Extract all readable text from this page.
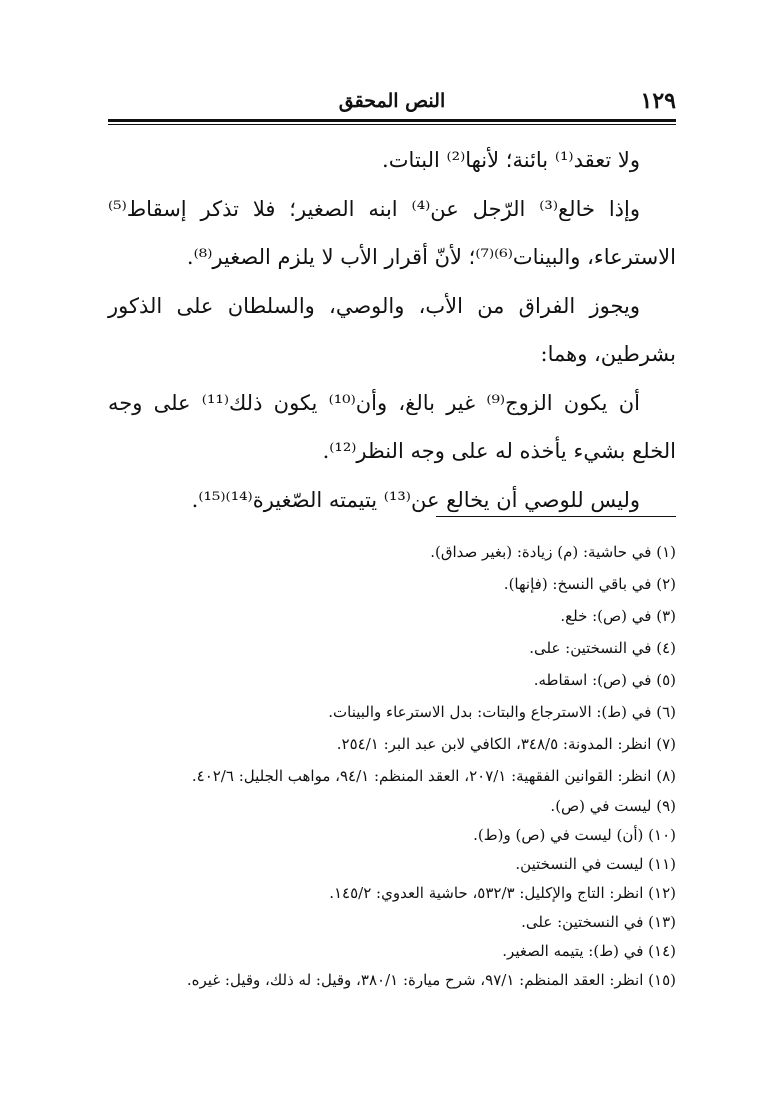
١٢٩
النص المحقق

ولا تعقد⁽¹⁾ بائنة؛ لأنها⁽²⁾ البتات.

وإذا خالع⁽³⁾ الرّجل عن⁽⁴⁾ ابنه الصغير؛ فلا تذكر إسقاط⁽⁵⁾ الاسترعاء، والبينات⁽⁶⁾⁽⁷⁾؛ لأنّ أقرار الأب لا يلزم الصغير⁽⁸⁾.

ويجوز الفراق من الأب، والوصي، والسلطان على الذكور بشرطين، وهما:

أن يكون الزوج⁽⁹⁾ غير بالغ، وأن⁽¹⁰⁾ يكون ذلك⁽¹¹⁾ على وجه الخلع بشيء يأخذه له على وجه النظر⁽¹²⁾.

وليس للوصي أن يخالع عن⁽¹³⁾ يتيمته الصّغيرة⁽¹⁴⁾⁽¹⁵⁾.

(١) في حاشية: (م) زيادة: (بغير صداق).

(٢) في باقي النسخ: (فإنها).

(٣) في (ص): خلع.

(٤) في النسختين: على.

(٥) في (ص): اسقاطه.

(٦) في (ط): الاسترجاع والبتات: بدل الاسترعاء والبينات.

(٧) انظر: المدونة: ٣٤٨/٥، الكافي لابن عبد البر: ٢٥٤/١.

(٨) انظر: القوانين الفقهية: ٢٠٧/١، العقد المنظم: ٩٤/١، مواهب الجليل: ٤٠٢/٦.

(٩) ليست في (ص).

(١٠) (أن) ليست في (ص) و(ط).

(١١) ليست في النسختين.

(١٢) انظر: التاج والإكليل: ٥٣٢/٣، حاشية العدوي: ١٤٥/٢.

(١٣) في النسختين: على.

(١٤) في (ط): يتيمه الصغير.

(١٥) انظر: العقد المنظم: ٩٧/١، شرح ميارة: ٣٨٠/١، وقيل: له ذلك، وقيل: غيره.
